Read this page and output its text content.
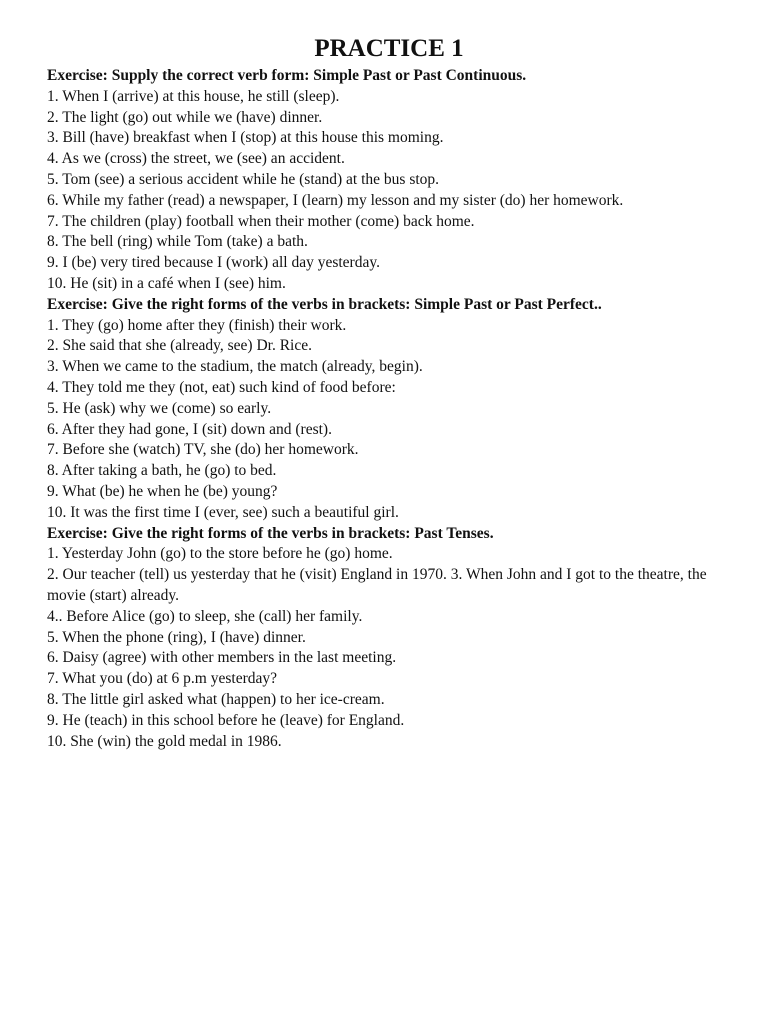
PRACTICE 1
Exercise: Supply the correct verb form: Simple Past or Past Continuous.
1. When I (arrive) at this house, he still (sleep).
2. The light (go) out while we (have) dinner.
3. Bill (have) breakfast when I (stop) at this house this moming.
4. As we (cross) the street, we (see) an accident.
5. Tom (see) a serious accident while he (stand) at the bus stop.
6. While my father (read) a newspaper, I (learn) my lesson and my sister (do) her homework.
7. The children (play) football when their mother (come) back home.
8. The bell (ring) while Tom (take) a bath.
9. I (be) very tired because I (work) all day yesterday.
10. He (sit) in a café when I (see) him.
Exercise: Give the right forms of the verbs in brackets: Simple Past or Past Perfect..
1. They (go) home after they (finish) their work.
2. She said that she (already, see) Dr. Rice.
3. When we came to the stadium, the match (already, begin).
4. They told me they (not, eat) such kind of food before:
5. He (ask) why we (come) so early.
6. After they had gone, I (sit) down and (rest).
7. Before she (watch) TV, she (do) her homework.
8. After taking a bath, he (go) to bed.
9. What (be) he when he (be) young?
10. It was the first time I (ever, see) such a beautiful girl.
Exercise: Give the right forms of the verbs in brackets: Past Tenses.
1. Yesterday John (go) to the store before he (go) home.
2. Our teacher (tell) us yesterday that he (visit) England in 1970. 3. When John and I got to the theatre, the movie (start) already.
4.. Before Alice (go) to sleep, she (call) her family.
5. When the phone (ring), I (have) dinner.
6. Daisy (agree) with other members in the last meeting.
7. What you (do) at 6 p.m yesterday?
8. The little girl asked what (happen) to her ice-cream.
9. He (teach) in this school before he (leave) for England.
10. She (win) the gold medal in 1986.
